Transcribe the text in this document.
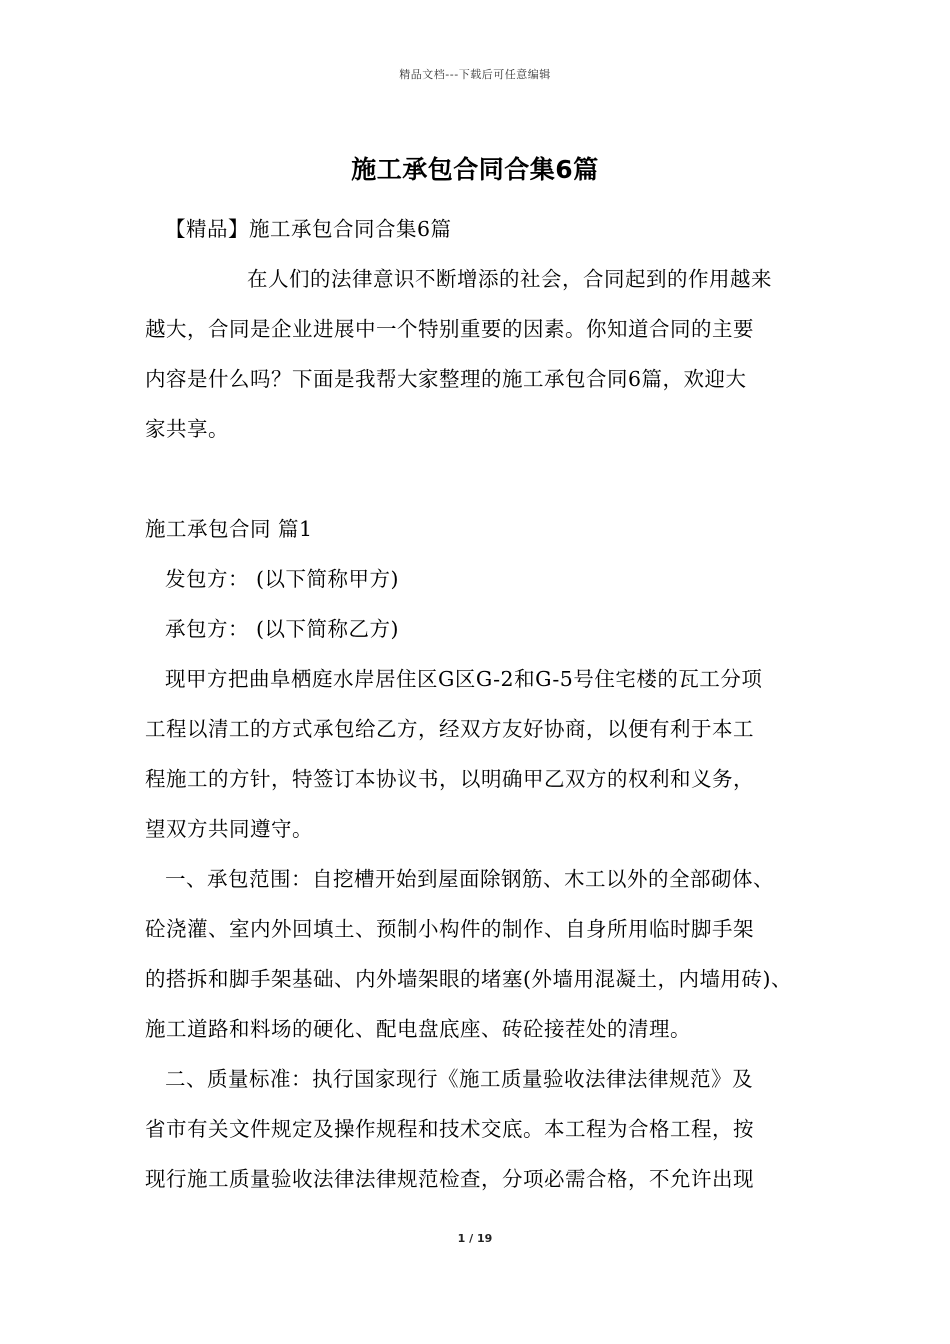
精品文档---下载后可任意编辑
施工承包合同合集6篇

【精品】施工承包合同合集6篇

在人们的法律意识不断增添的社会，合同起到的作用越来

越大，合同是企业进展中一个特别重要的因素。你知道合同的主要

内容是什么吗？下面是我帮大家整理的施工承包合同6篇，欢迎大

家共享。

施工承包合同 篇1

发包方： (以下简称甲方)

承包方： (以下简称乙方)

现甲方把曲阜栖庭水岸居住区G区G-2和G-5号住宅楼的瓦工分项

工程以清工的方式承包给乙方，经双方友好协商，以便有利于本工

程施工的方针，特签订本协议书，以明确甲乙双方的权利和义务，

望双方共同遵守。

一、承包范围：自挖槽开始到屋面除钢筋、木工以外的全部砌体、

砼浇灌、室内外回填土、预制小构件的制作、自身所用临时脚手架

的搭拆和脚手架基础、内外墙架眼的堵塞(外墙用混凝土，内墙用砖)、

施工道路和料场的硬化、配电盘底座、砖砼接茬处的清理。

二、质量标准：执行国家现行《施工质量验收法律法律规范》及

省市有关文件规定及操作规程和技术交底。本工程为合格工程，按

现行施工质量验收法律法律规范检查，分项必需合格，不允许出现

1 / 19
